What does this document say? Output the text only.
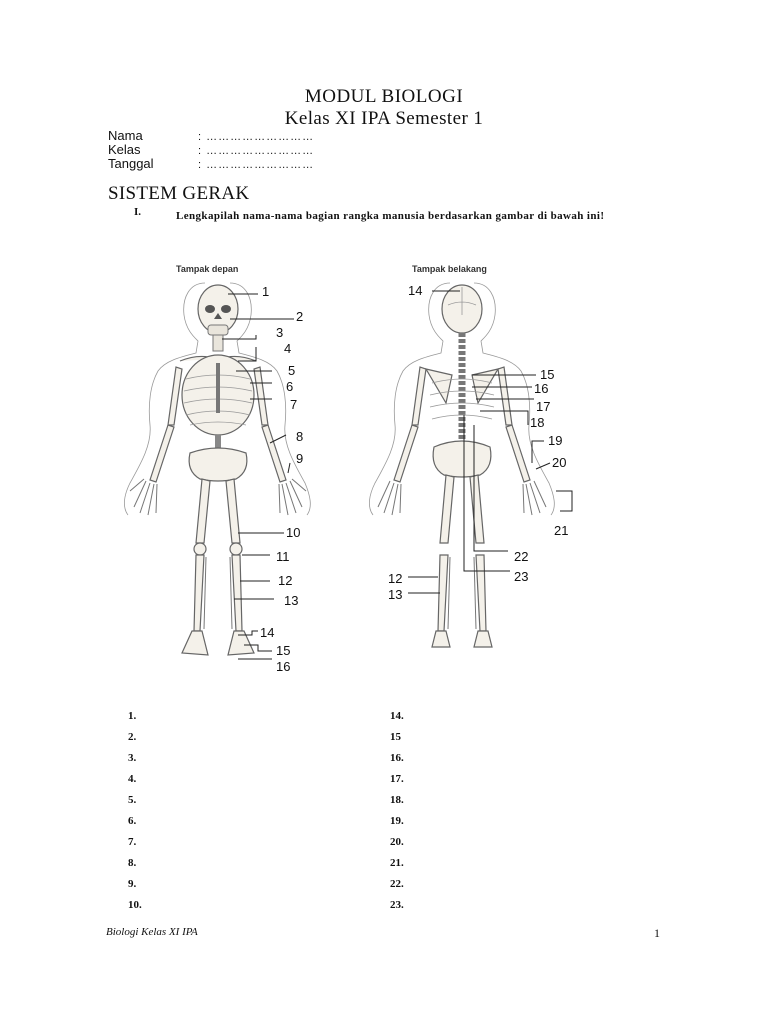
MODUL BIOLOGI
Kelas XI IPA Semester 1
Nama	: ………………………
Kelas	: ………………………
Tanggal	: ………………………
SISTEM GERAK
I.	Lengkapilah nama-nama bagian rangka manusia berdasarkan gambar di bawah ini!
Tampak depan	Tampak belakang
1
2
3
4
5
6
7
8
9
10
11
12
13
14
15
16
14
15
16
17
18
19
20
21
22
23
12
13
1.
2.
3.
4.
5.
6.
7.
8.
9.
10.
14.
15
16.
17.
18.
19.
20.
21.
22.
23.
Biologi Kelas XI IPA	1
